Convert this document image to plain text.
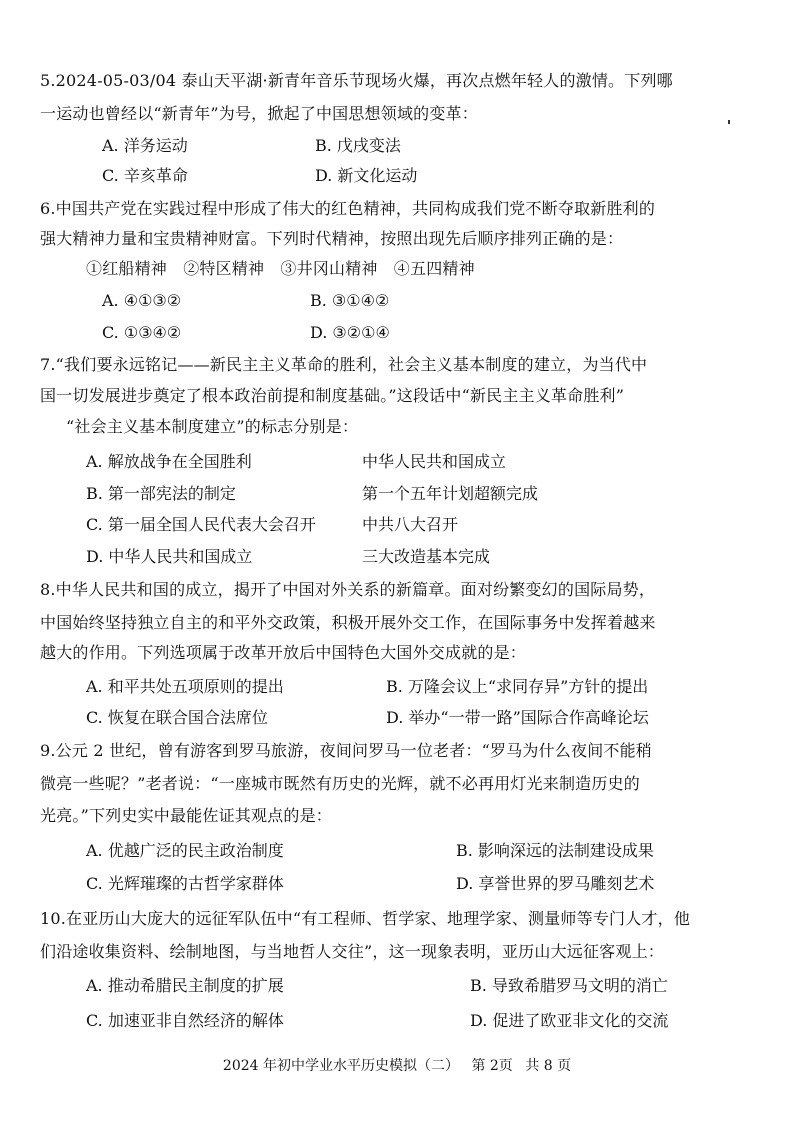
5.2024-05-03/04 泰山天平湖·新青年音乐节现场火爆，再次点燃年轻人的激情。下列哪
一运动也曾经以“新青年”为号，掀起了中国思想领域的变革：
A. 洋务运动	B. 戊戌变法
C. 辛亥革命	D. 新文化运动
6.中国共产党在实践过程中形成了伟大的红色精神，共同构成我们党不断夺取新胜利的
强大精神力量和宝贵精神财富。下列时代精神，按照出现先后顺序排列正确的是：
①红船精神　②特区精神　③井冈山精神　④五四精神
A. ④①③②	B. ③①④②
C. ①③④②	D. ③②①④
7.“我们要永远铭记——新民主主义革命的胜利，社会主义基本制度的建立，为当代中
国一切发展进步奠定了根本政治前提和制度基础。”这段话中“新民主主义革命胜利”
“社会主义基本制度建立”的标志分别是：
A. 解放战争在全国胜利	中华人民共和国成立
B. 第一部宪法的制定	第一个五年计划超额完成
C. 第一届全国人民代表大会召开	中共八大召开
D. 中华人民共和国成立	三大改造基本完成
8.中华人民共和国的成立，揭开了中国对外关系的新篇章。面对纷繁变幻的国际局势，
中国始终坚持独立自主的和平外交政策，积极开展外交工作，在国际事务中发挥着越来
越大的作用。下列选项属于改革开放后中国特色大国外交成就的是：
A. 和平共处五项原则的提出	B. 万隆会议上“求同存异”方针的提出
C. 恢复在联合国合法席位	D. 举办“一带一路”国际合作高峰论坛
9.公元 2 世纪，曾有游客到罗马旅游，夜间问罗马一位老者：“罗马为什么夜间不能稍
微亮一些呢？”老者说：“一座城市既然有历史的光辉，就不必再用灯光来制造历史的
光亮。”下列史实中最能佐证其观点的是：
A. 优越广泛的民主政治制度	B. 影响深远的法制建设成果
C. 光辉璀璨的古哲学家群体	D. 享誉世界的罗马雕刻艺术
10.在亚历山大庞大的远征军队伍中“有工程师、哲学家、地理学家、测量师等专门人才，他
们沿途收集资料、绘制地图，与当地哲人交往”，这一现象表明，亚历山大远征客观上：
A. 推动希腊民主制度的扩展	B. 导致希腊罗马文明的消亡
C. 加速亚非自然经济的解体	D. 促进了欧亚非文化的交流
2024 年初中学业水平历史模拟（二） 第 2页 共 8 页
